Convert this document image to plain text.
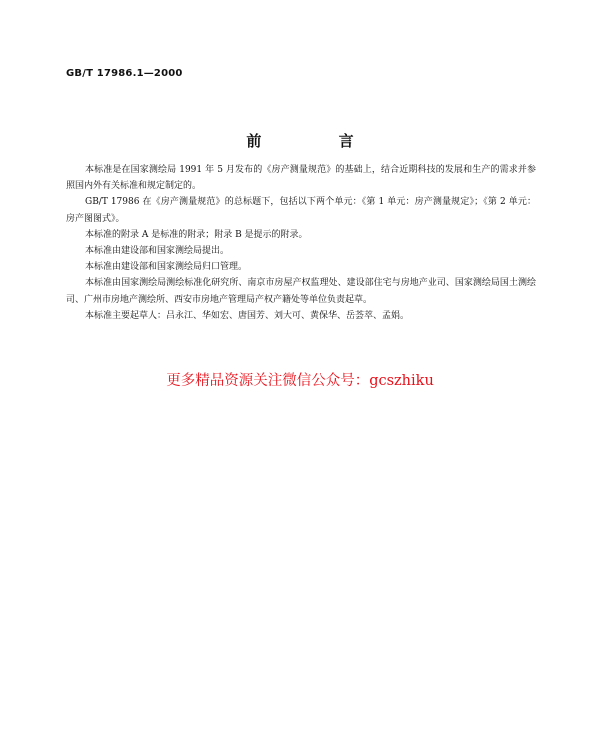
GB/T 17986.1—2000
前 言

本标准是在国家测绘局 1991 年 5 月发布的《房产测量规范》的基础上，结合近期科技的发展和生产的需求并参照国内外有关标准和规定制定的。

GB/T 17986 在《房产测量规范》的总标题下，包括以下两个单元：《第 1 单元：房产测量规定》；《第 2 单元：房产图图式》。

本标准的附录 A 是标准的附录；附录 B 是提示的附录。

本标准由建设部和国家测绘局提出。

本标准由建设部和国家测绘局归口管理。

本标准由国家测绘局测绘标准化研究所、南京市房屋产权监理处、建设部住宅与房地产业司、国家测绘局国土测绘司、广州市房地产测绘所、西安市房地产管理局产权产籍处等单位负责起草。

本标准主要起草人：吕永江、华如宏、唐国芳、刘大可、黄保华、岳荟萃、孟娟。

更多精品资源关注微信公众号：gcszhiku
